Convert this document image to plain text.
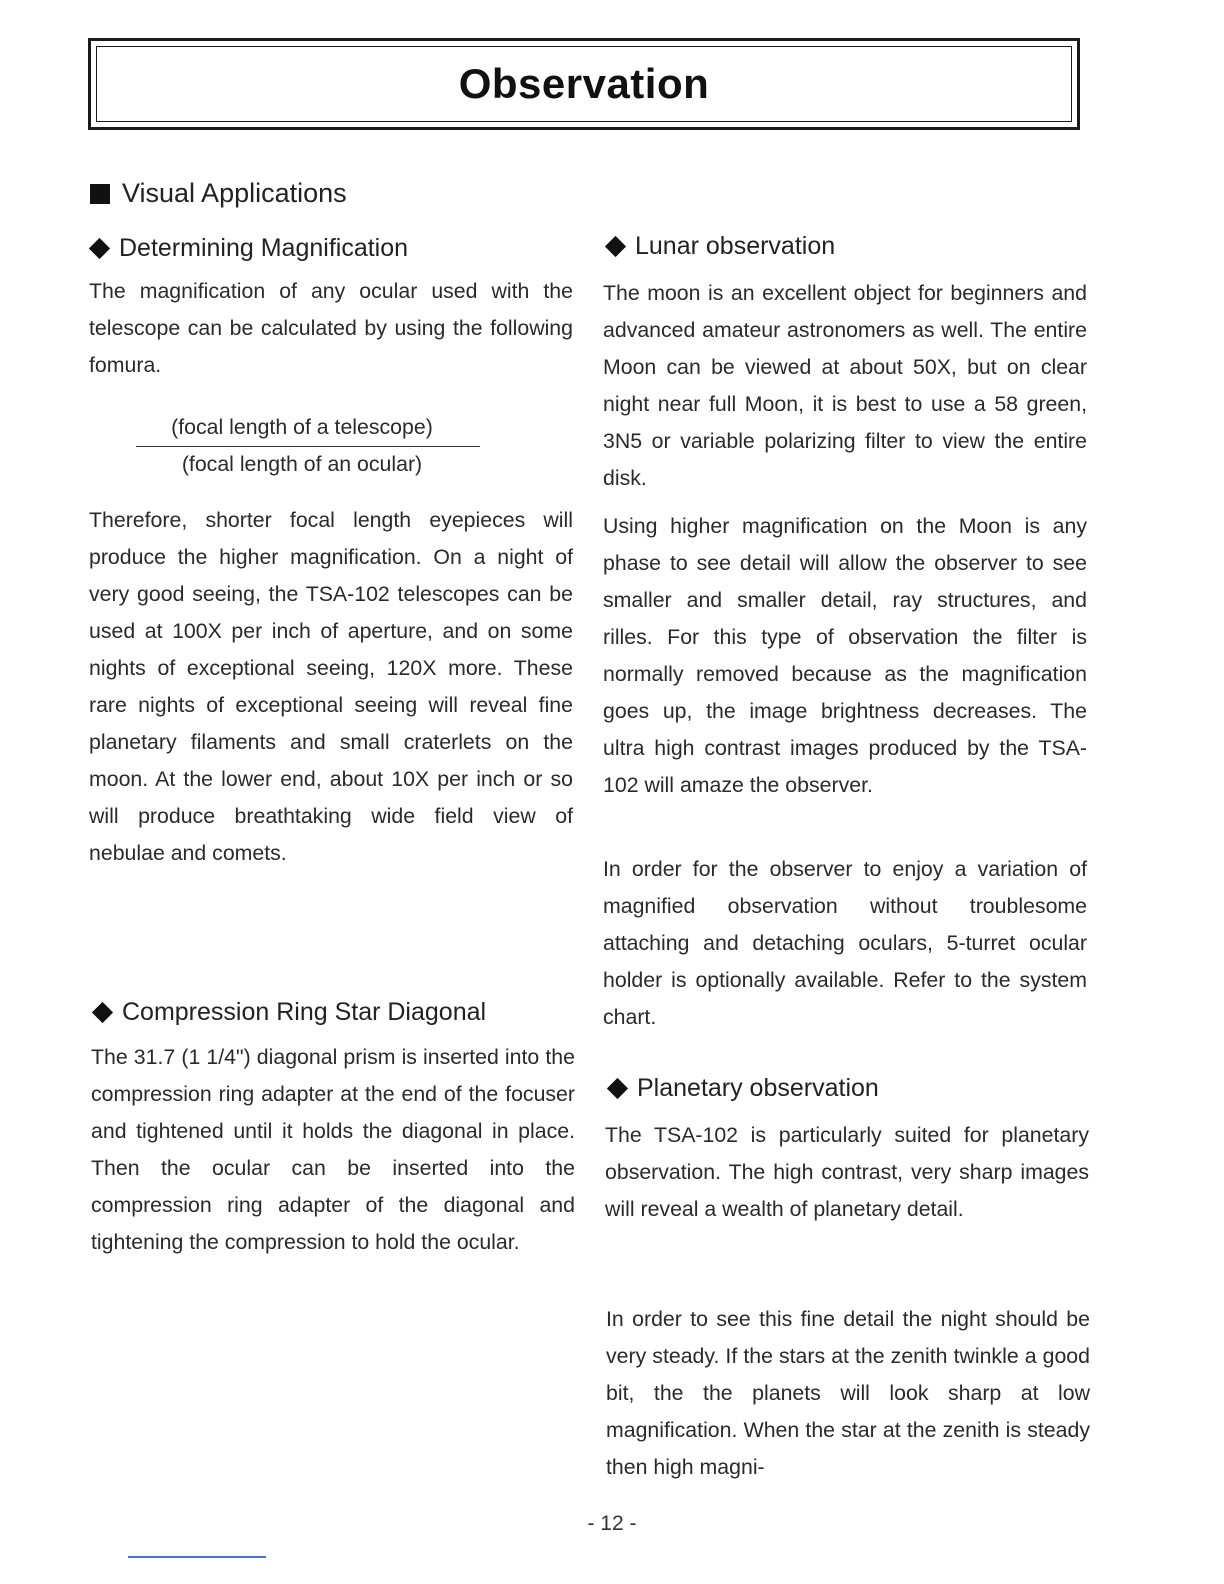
Observation
Visual Applications
Determining Magnification

The magnification of any ocular used with the telescope can be calculated by using the following fomura.

(focal length of a telescope)
(focal length of an ocular)

Therefore, shorter focal length eyepieces will produce the higher magnification. On a night of very good seeing, the TSA-102 telescopes can be used at 100X per inch of aperture, and on some nights of exceptional seeing, 120X more. These rare nights of exceptional seeing will reveal fine planetary filaments and small craterlets on the moon. At the lower end, about 10X per inch or so will produce breathtaking wide field view of nebulae and comets.

Compression Ring Star Diagonal

The 31.7 (1 1/4") diagonal prism is inserted into the compression ring adapter at the end of the focuser and tightened until it holds the diagonal in place. Then the ocular can be inserted into the compression ring adapter of the diagonal and tightening the compression to hold the ocular.

Lunar observation

The moon is an excellent object for beginners and advanced amateur astronomers as well. The entire Moon can be viewed at about 50X, but on clear night near full Moon, it is best to use a 58 green, 3N5 or variable polarizing filter to view the entire disk.

Using higher magnification on the Moon is any phase to see detail will allow the observer to see smaller and smaller detail, ray structures, and rilles. For this type of observation the filter is normally removed because as the magnification goes up, the image brightness decreases. The ultra high contrast images produced by the TSA-102 will amaze the observer.

In order for the observer to enjoy a variation of magnified observation without troublesome attaching and detaching oculars, 5-turret ocular holder is optionally available. Refer to the system chart.

Planetary observation

The TSA-102 is particularly suited for planetary observation. The high contrast, very sharp images will reveal a wealth of planetary detail.

In order to see this fine detail the night should be very steady. If the stars at the zenith twinkle a good bit, the the planets will look sharp at low magnification. When the star at the zenith is steady then high magni-

- 12 -
